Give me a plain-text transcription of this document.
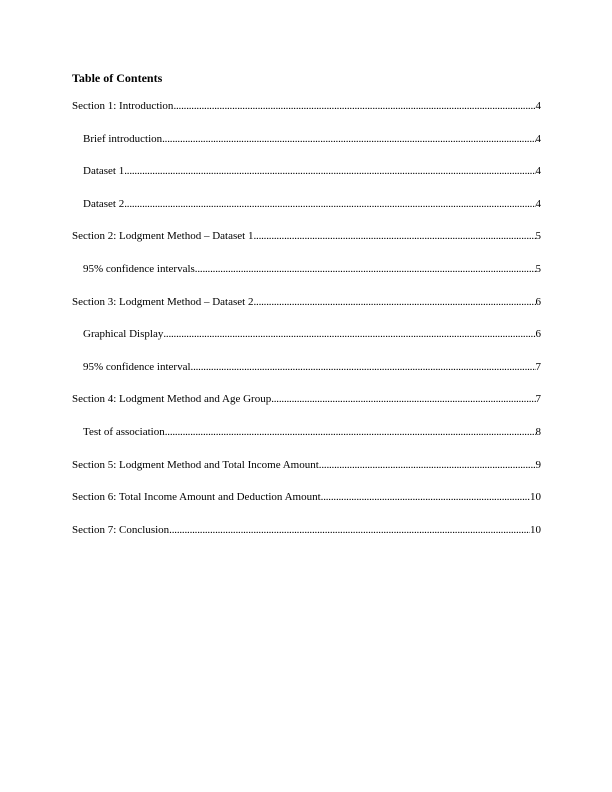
Table of Contents
Section 1: Introduction .....	4
Brief introduction .....	4
Dataset 1 .....	4
Dataset 2 .....	4
Section 2: Lodgment Method – Dataset 1 .....	5
95% confidence intervals .....	5
Section 3: Lodgment Method – Dataset 2 .....	6
Graphical Display .....	6
95% confidence interval .....	7
Section 4: Lodgment Method and Age Group .....	7
Test of association .....	8
Section 5: Lodgment Method and Total Income Amount .....	9
Section 6: Total Income Amount and Deduction Amount .....	10
Section 7: Conclusion .....	10
